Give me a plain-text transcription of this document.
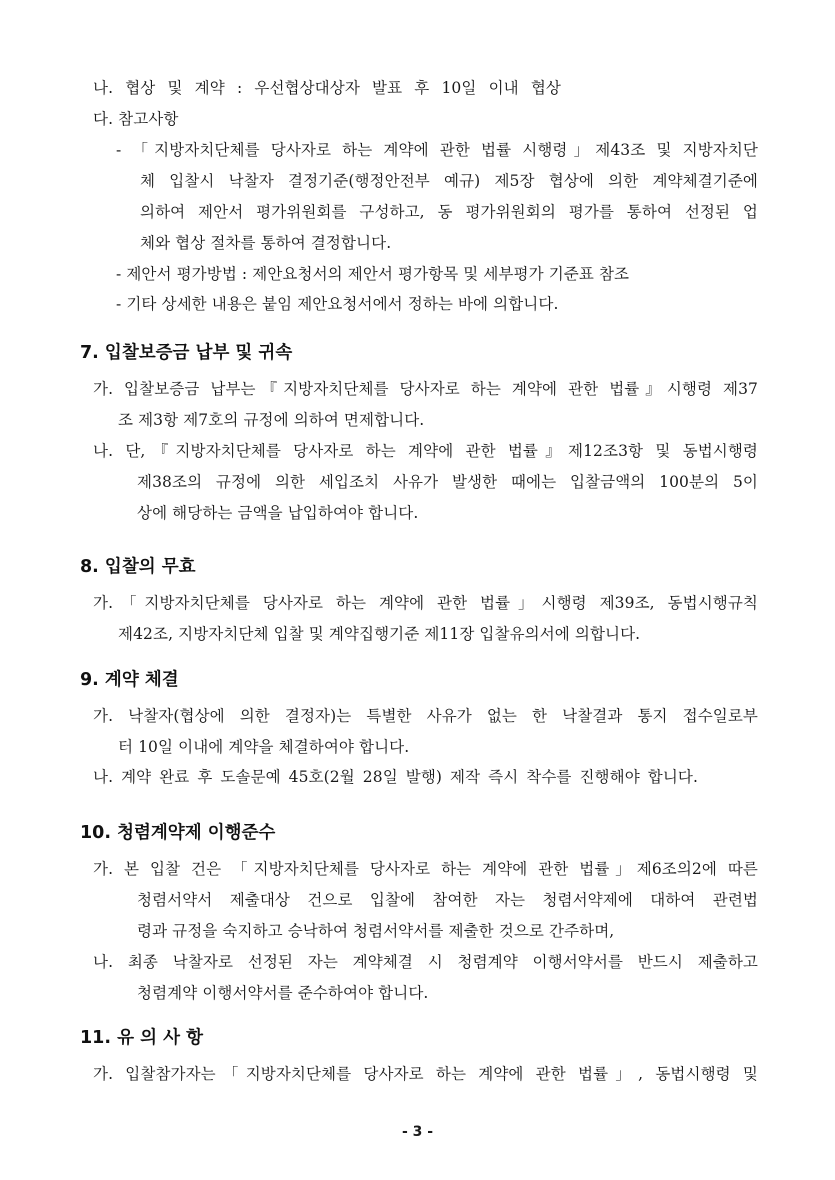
나. 협상 및 계약 : 우선협상대상자 발표 후 10일 이내 협상
다. 참고사항
- 「지방자치단체를 당사자로 하는 계약에 관한 법률 시행령」제43조 및 지방자치단
체 입찰시 낙찰자 결정기준(행정안전부 예규) 제5장 협상에 의한 계약체결기준에
의하여 제안서 평가위원회를 구성하고, 동 평가위원회의 평가를 통하여 선정된 업
체와 협상 절차를 통하여 결정합니다.
- 제안서 평가방법 : 제안요청서의 제안서 평가항목 및 세부평가 기준표 참조
- 기타 상세한 내용은 붙임 제안요청서에서 정하는 바에 의합니다.
7. 입찰보증금 납부 및 귀속
가. 입찰보증금 납부는『지방자치단체를 당사자로 하는 계약에 관한 법률』시행령 제37
조 제3항 제7호의 규정에 의하여 면제합니다.
나. 단,『지방자치단체를 당사자로 하는 계약에 관한 법률』제12조3항 및 동법시행령
제38조의 규정에 의한 세입조치 사유가 발생한 때에는 입찰금액의 100분의 5이
상에 해당하는 금액을 납입하여야 합니다.
8. 입찰의 무효
가.「지방자치단체를 당사자로 하는 계약에 관한 법률」시행령 제39조, 동법시행규칙
제42조, 지방자치단체 입찰 및 계약집행기준 제11장 입찰유의서에 의합니다.
9. 계약 체결
가. 낙찰자(협상에 의한 결정자)는 특별한 사유가 없는 한 낙찰결과 통지 접수일로부
터 10일 이내에 계약을 체결하여야 합니다.
나. 계약 완료 후 도솔문예 45호(2월 28일 발행) 제작 즉시 착수를 진행해야 합니다.
10. 청렴계약제 이행준수
가. 본 입찰 건은 「지방자치단체를 당사자로 하는 계약에 관한 법률」제6조의2에 따른
청렴서약서 제출대상 건으로 입찰에 참여한 자는 청렴서약제에 대하여 관련법
령과 규정을 숙지하고 승낙하여 청렴서약서를 제출한 것으로 간주하며,
나. 최종 낙찰자로 선정된 자는 계약체결 시 청렴계약 이행서약서를 반드시 제출하고
청렴계약 이행서약서를 준수하여야 합니다.
11. 유 의 사 항
가. 입찰참가자는「지방자치단체를 당사자로 하는 계약에 관한 법률」, 동법시행령 및
- 3 -
